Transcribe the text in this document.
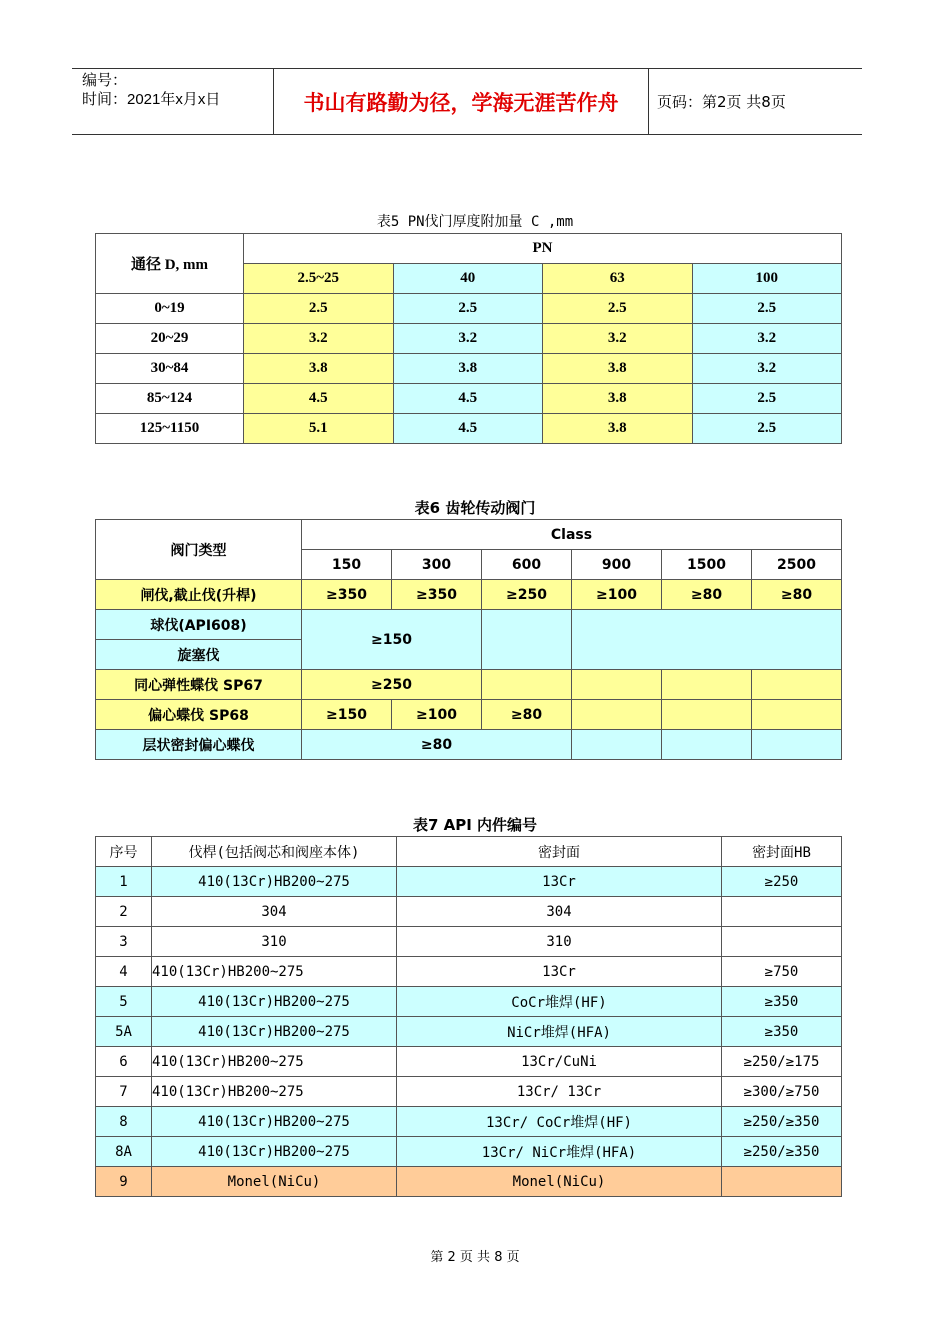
编号：
时间：2021年x月x日	书山有路勤为径，学海无涯苦作舟	页码：第2页 共8页
表5 PN伐门厚度附加量 C ,mm
通径 D, mm	PN			
	2.5~25	40	63	100
0~19	2.5	2.5	2.5	2.5
20~29	3.2	3.2	3.2	3.2
30~84	3.8	3.8	3.8	3.2
85~124	4.5	4.5	3.8	2.5
125~1150	5.1	4.5	3.8	2.5
表6 齿轮传动阀门
阀门类型	Class					
	150	300	600	900	1500	2500
闸伐,截止伐(升桿)	≥350	≥350	≥250	≥100	≥80	≥80
球伐(API608)	≥150					
旋塞伐						
同心弹性蝶伐 SP67	≥250					
偏心蝶伐 SP68	≥150	≥100	≥80			
层状密封偏心蝶伐	≥80					
表7 API 内件编号
序号	伐桿(包括阀芯和阀座本体)	密封面	密封面HB
1	410(13Cr)HB200~275	13Cr	≥250
2	304	304	
3	310	310	
4	410(13Cr)HB200~275	13Cr	≥750
5	410(13Cr)HB200~275	CoCr堆焊(HF)	≥350
5A	410(13Cr)HB200~275	NiCr堆焊(HFA)	≥350
6	410(13Cr)HB200~275	13Cr/CuNi	≥250/≥175
7	410(13Cr)HB200~275	13Cr/ 13Cr	≥300/≥750
8	410(13Cr)HB200~275	13Cr/ CoCr堆焊(HF)	≥250/≥350
8A	410(13Cr)HB200~275	13Cr/ NiCr堆焊(HFA)	≥250/≥350
9	Monel(NiCu)	Monel(NiCu)	
第 2 页 共 8 页
